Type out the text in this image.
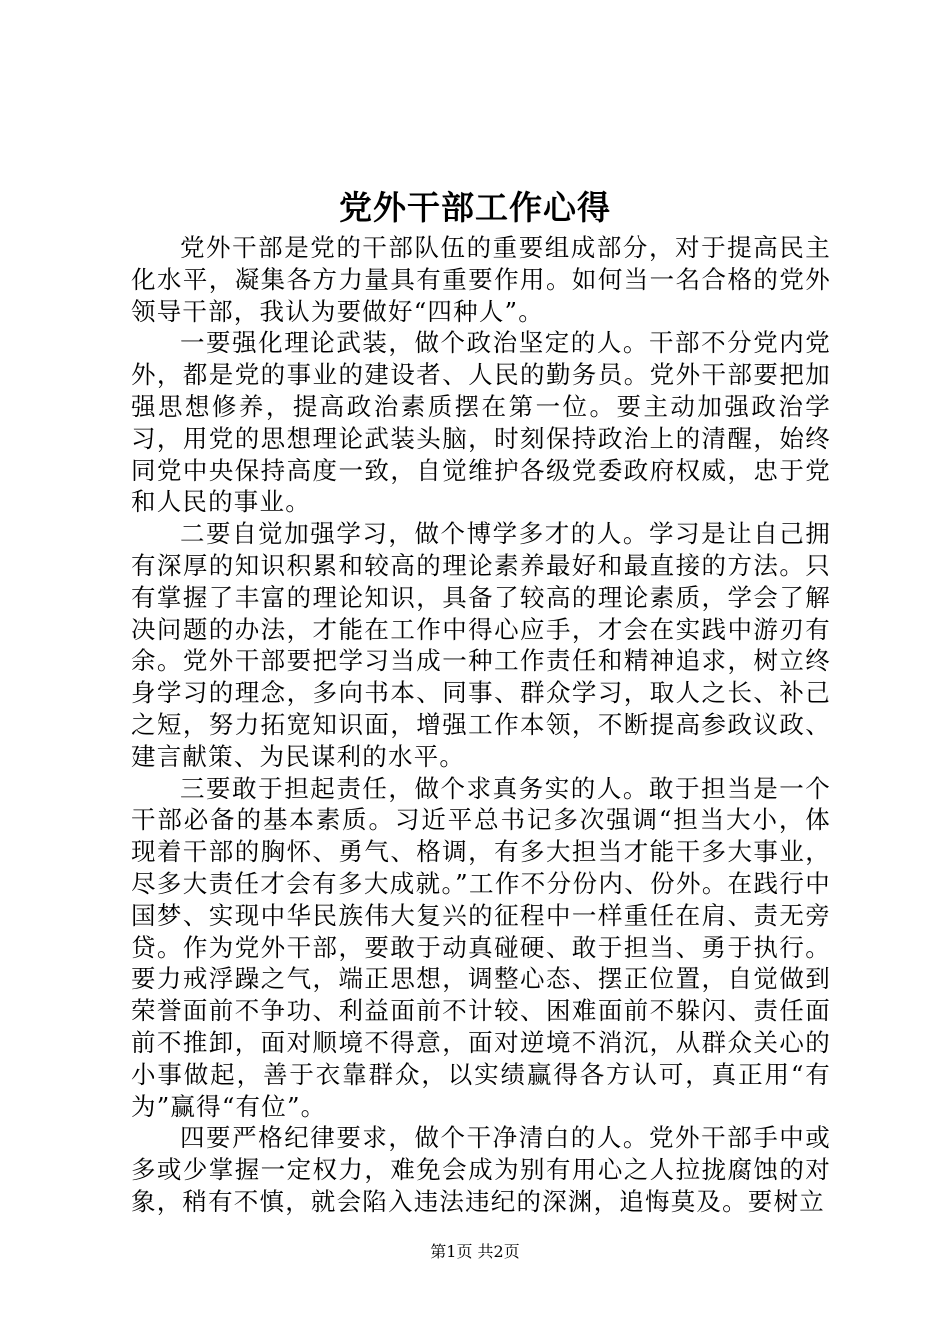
党外干部工作心得

党外干部是党的干部队伍的重要组成部分，对于提高民主化水平，凝集各方力量具有重要作用。如何当一名合格的党外领导干部，我认为要做好“四种人”。

一要强化理论武装，做个政治坚定的人。干部不分党内党外，都是党的事业的建设者、人民的勤务员。党外干部要把加强思想修养，提高政治素质摆在第一位。要主动加强政治学习，用党的思想理论武装头脑，时刻保持政治上的清醒，始终同党中央保持高度一致，自觉维护各级党委政府权威，忠于党和人民的事业。

二要自觉加强学习，做个博学多才的人。学习是让自己拥有深厚的知识积累和较高的理论素养最好和最直接的方法。只有掌握了丰富的理论知识，具备了较高的理论素质，学会了解决问题的办法，才能在工作中得心应手，才会在实践中游刃有余。党外干部要把学习当成一种工作责任和精神追求，树立终身学习的理念，多向书本、同事、群众学习，取人之长、补己之短，努力拓宽知识面，增强工作本领，不断提高参政议政、建言献策、为民谋利的水平。

三要敢于担起责任，做个求真务实的人。敢于担当是一个干部必备的基本素质。习近平总书记多次强调“担当大小，体现着干部的胸怀、勇气、格调，有多大担当才能干多大事业，尽多大责任才会有多大成就。”工作不分份内、份外。在践行中国梦、实现中华民族伟大复兴的征程中一样重任在肩、责无旁贷。作为党外干部，要敢于动真碰硬、敢于担当、勇于执行。要力戒浮躁之气，端正思想，调整心态、摆正位置，自觉做到荣誉面前不争功、利益面前不计较、困难面前不躲闪、责任面前不推卸，面对顺境不得意，面对逆境不消沉，从群众关心的小事做起，善于衣靠群众，以实绩赢得各方认可，真正用“有为”赢得“有位”。

四要严格纪律要求，做个干净清白的人。党外干部手中或多或少掌握一定权力，难免会成为别有用心之人拉拢腐蚀的对象，稍有不慎，就会陷入违法违纪的深渊，追悔莫及。要树立

第1页 共2页
